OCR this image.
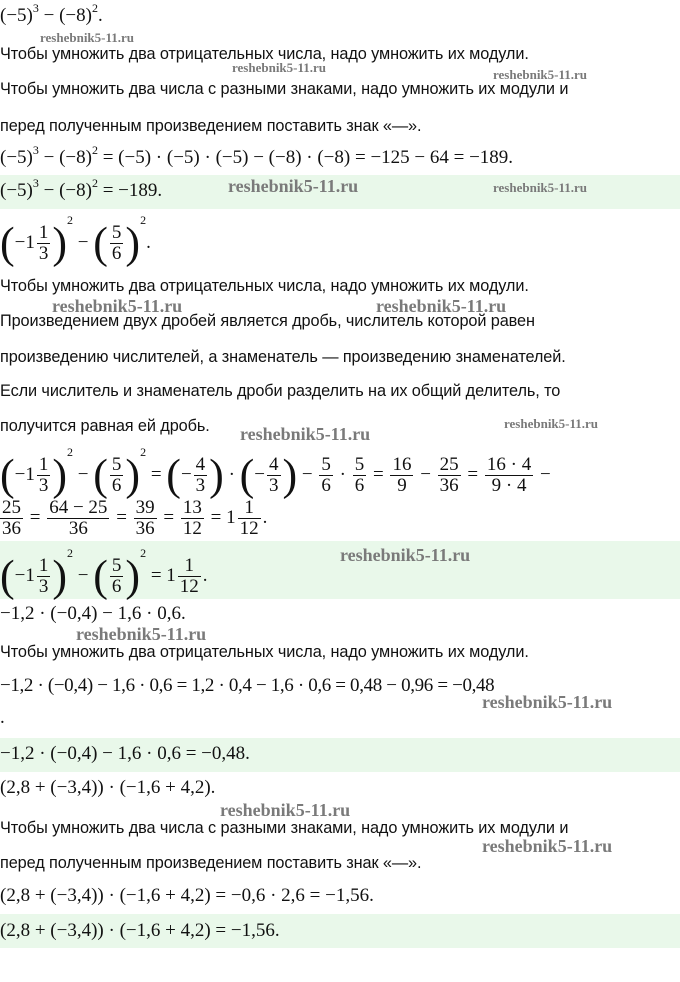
$(-5)^3 - (-8)^2$.
Чтобы умножить два отрицательных числа, надо умножить их модули.
Чтобы умножить два числа с разными знаками, надо умножить их модули и
перед полученным произведением поставить знак «—».
$(-5)^3 - (-8)^2 = (-5) \cdot (-5) \cdot (-5) - (-8) \cdot (-8) = -125 - 64 = -189$.
$(-5)^3 - (-8)^2 = -189$.
$(-1 \frac{1}{3} )^2$ − ( $\frac{5}{6} )^2$.
Чтобы умножить два отрицательных числа, надо умножить их модули.
Произведением двух дробей является дробь, числитель которой равен
произведению числителей, а знаменатель — произведению знаменателей.
Если числитель и знаменатель дроби разделить на их общий делитель, то
получится равная ей дробь.
$(-1 \frac{1}{3} )^2$ − ( $\frac{5}{6} )^2$ = (− $\frac{4}{3}$ ) · (− $\frac{4}{3}$ ) − $\frac{5}{6} \cdot \frac{5}{6} = \frac{16}{9} - \frac{25}{36} = \frac{16 \cdot 4}{9 \cdot 4}$ −
$\frac{25}{36} = \frac{64 - 25}{36} = \frac{39}{36} = \frac{13}{12} = 1 \frac{1}{12}$ .
$(-1 \frac{1}{3} )^2$ − ( $\frac{5}{6} )^2 = 1 \frac{1}{12}$ .
−1,2 · (−0,4) − 1,6 · 0,6.
Чтобы умножить два отрицательных числа, надо умножить их модули.
−1,2 · (−0,4) − 1,6 · 0,6 = 1,2 · 0,4 − 1,6 · 0,6 = 0,48 − 0,96 = −0,48
.
−1,2 · (−0,4) − 1,6 · 0,6 = −0,48.
(2,8 + (−3,4)) · (−1,6 + 4,2).
Чтобы умножить два числа с разными знаками, надо умножить их модули и
перед полученным произведением поставить знак «—».
(2,8 + (−3,4)) · (−1,6 + 4,2) = −0,6 · 2,6 = −1,56.
(2,8 + (−3,4)) · (−1,6 + 4,2) = −1,56.
reshebnik5-11.ru
reshebnik5-11.ru	reshebnik5-11.ru
reshebnik5-11.ru	reshebnik5-11.ru
reshebnik5-11.ru	reshebnik5-11.ru
reshebnik5-11.ru
reshebnik5-11.ru
reshebnik5-11.ru
reshebnik5-11.ru
reshebnik5-11.ru
reshebnik5-11.ru
reshebnik5-11.ru
